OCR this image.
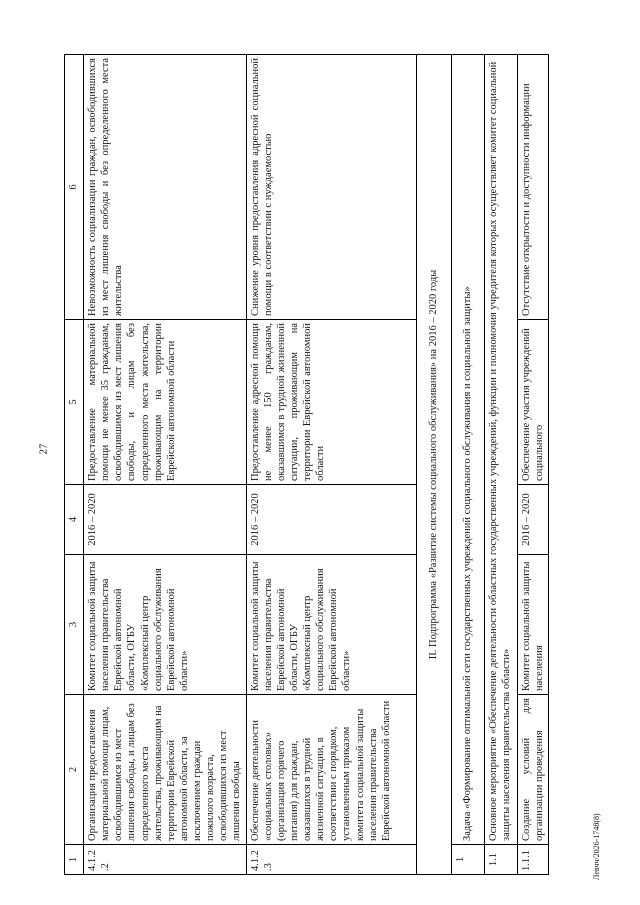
27
1	2	3	4	5	6
4.1.2.2	Организация предоставления материальной помощи лицам, освободившимся из мест лишения свободы, и лицам без определенного места жительства, проживающим на территории Еврейской автономной области, за исключением граждан пожилого возраста, освободившихся из мест лишения свободы	Комитет социальной защиты населения правительства Еврейской автономной области, ОГБУ «Комплексный центр социального обслуживания Еврейской автономной области»	2016 – 2020	Предоставление материальной помощи не менее 35 гражданам, освободившимся из мест лишения свободы, и лицам без определенного места жительства, проживающим на территории Еврейской автономной области	Невозможность социализации граждан, освободившихся из мест лишения свободы и без определенного места жительства
4.1.2.3	Обеспечение деятельности «социальных столовых» (организация горячего питания) для граждан, оказавшихся в трудной жизненной ситуации, в соответствии с порядком, установленным приказом комитета социальной защиты населения правительства Еврейской автономной области	Комитет социальной защиты населения правительства Еврейской автономной области, ОГБУ «Комплексный центр социального обслуживания Еврейской автономной области»	2016 – 2020	Предоставление адресной помощи не менее 150 гражданам, оказавшимся в трудной жизненной ситуации, проживающим на территории Еврейской автономной области	Снижение уровня предоставления адресной социальной помощи в соответствии с нуждаемостью
II. Подпрограмма «Развитие системы социального обслуживания» на 2016 – 2020 годы					
1	Задача «Формирование оптимальной сети государственных учреждений социального обслуживания и социальной защиты»				
1.1	Основное мероприятие «Обеспечение деятельности областных государственных учреждений, функции и полномочия учредителя которых осуществляет комитет социальной защиты населения правительства области»				
1.1.1	Создание условий для организации проведения	Комитет социальной защиты населения	2016 – 2020	Обеспечение участия учреждений социального	Отсутствие открытости и доступности информации
Левчч/2026-1748(8)
